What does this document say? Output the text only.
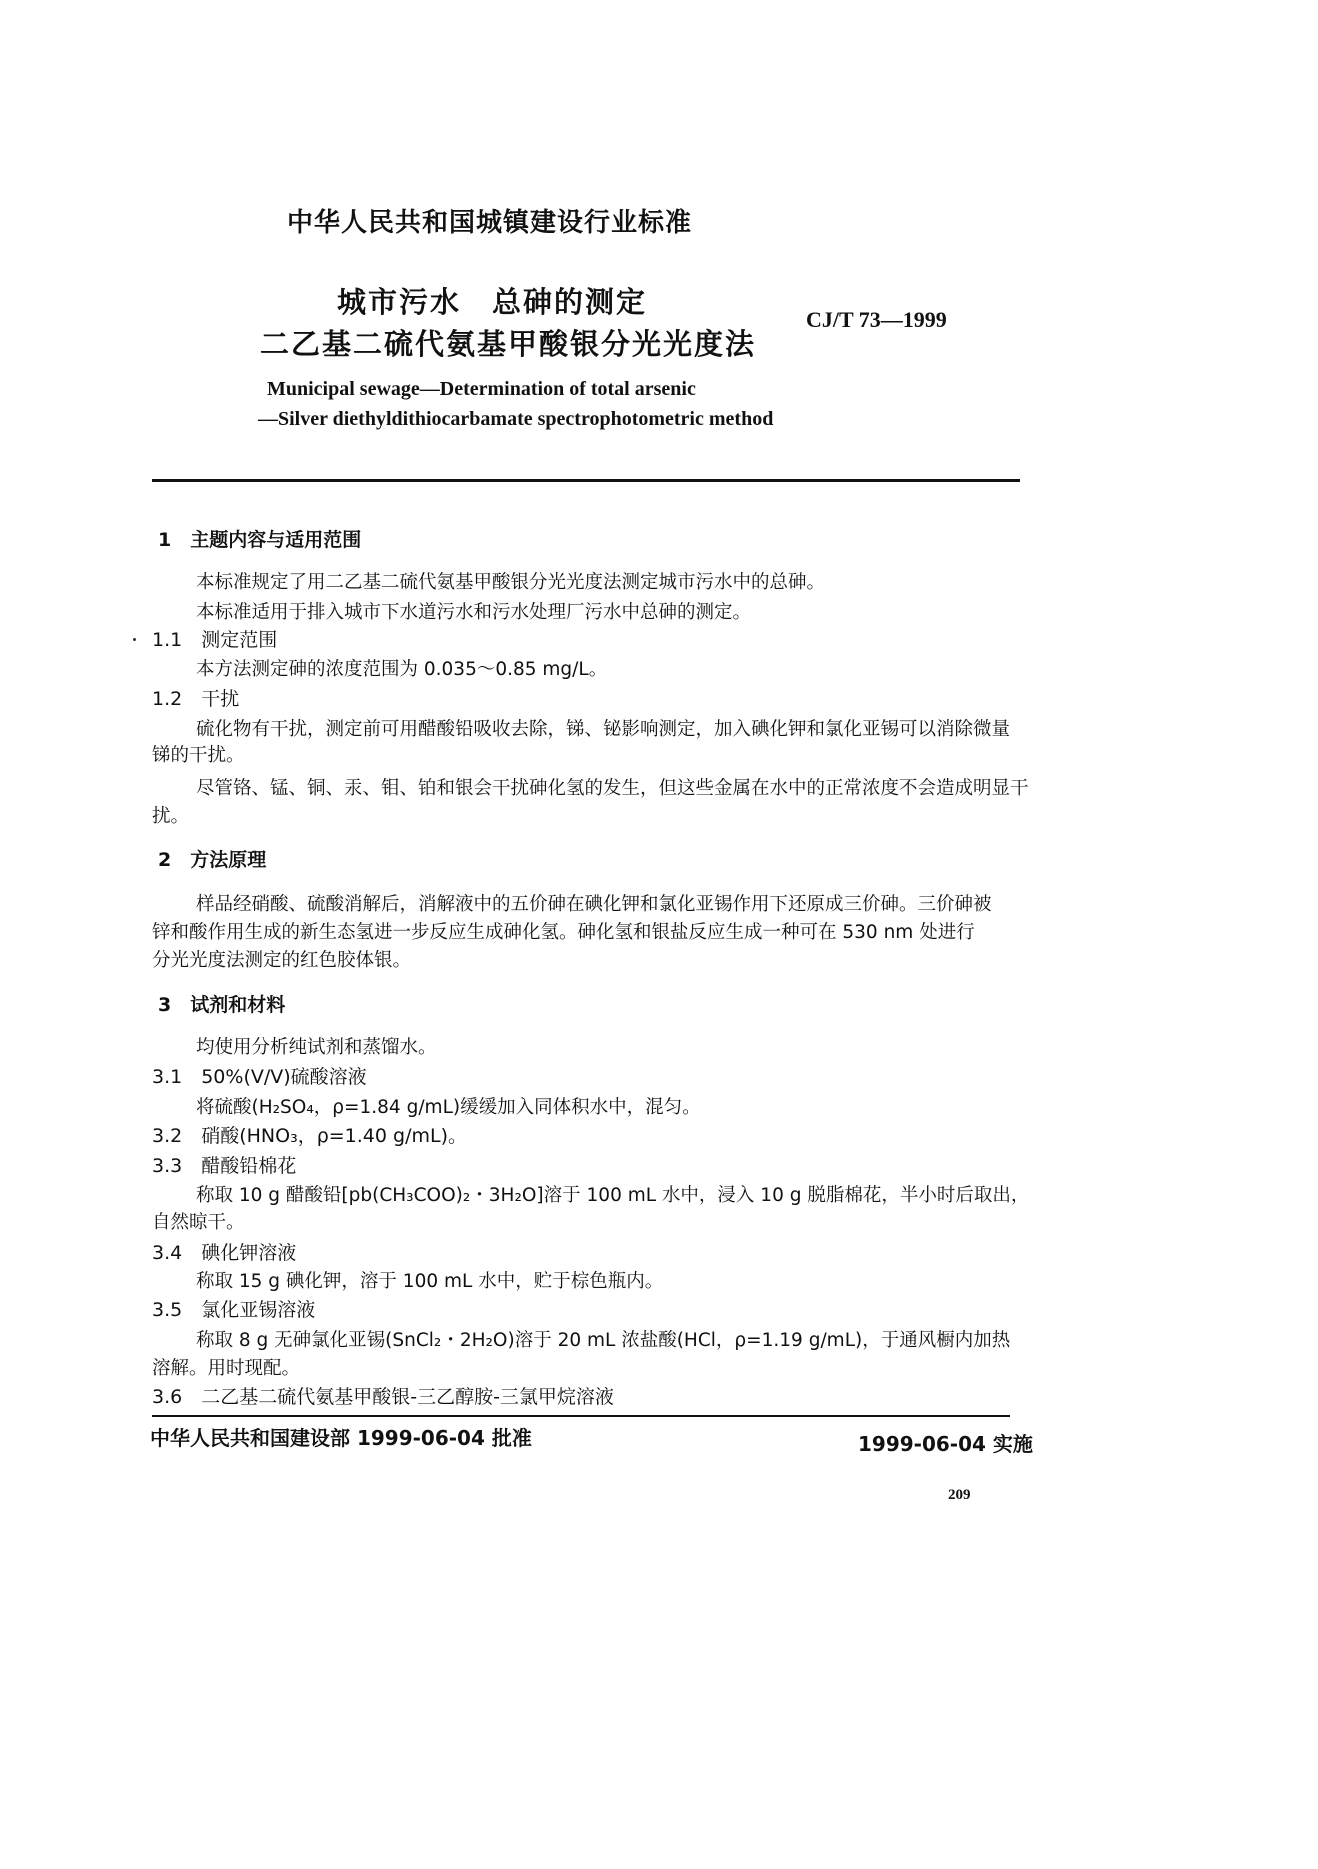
中华人民共和国城镇建设行业标准
城市污水　总砷的测定
二乙基二硫代氨基甲酸银分光光度法
CJ/T 73—1999
Municipal sewage—Determination of total arsenic
—Silver diethyldithiocarbamate spectrophotometric method
1　主题内容与适用范围
本标准规定了用二乙基二硫代氨基甲酸银分光光度法测定城市污水中的总砷。
本标准适用于排入城市下水道污水和污水处理厂污水中总砷的测定。
1.1　测定范围
本方法测定砷的浓度范围为 0.035～0.85 mg/L。
1.2　干扰
硫化物有干扰，测定前可用醋酸铅吸收去除，锑、铋影响测定，加入碘化钾和氯化亚锡可以消除微量
锑的干扰。
尽管铬、锰、铜、汞、钼、铂和银会干扰砷化氢的发生，但这些金属在水中的正常浓度不会造成明显干
扰。
2　方法原理
样品经硝酸、硫酸消解后，消解液中的五价砷在碘化钾和氯化亚锡作用下还原成三价砷。三价砷被
锌和酸作用生成的新生态氢进一步反应生成砷化氢。砷化氢和银盐反应生成一种可在 530 nm 处进行
分光光度法测定的红色胶体银。
3　试剂和材料
均使用分析纯试剂和蒸馏水。
3.1　50%(V/V)硫酸溶液
将硫酸(H₂SO₄，ρ=1.84 g/mL)缓缓加入同体积水中，混匀。
3.2　硝酸(HNO₃，ρ=1.40 g/mL)。
3.3　醋酸铅棉花
称取 10 g 醋酸铅[pb(CH₃COO)₂・3H₂O]溶于 100 mL 水中，浸入 10 g 脱脂棉花，半小时后取出，
自然晾干。
3.4　碘化钾溶液
称取 15 g 碘化钾，溶于 100 mL 水中，贮于棕色瓶内。
3.5　氯化亚锡溶液
称取 8 g 无砷氯化亚锡(SnCl₂・2H₂O)溶于 20 mL 浓盐酸(HCl，ρ=1.19 g/mL)，于通风橱内加热
溶解。用时现配。
3.6　二乙基二硫代氨基甲酸银-三乙醇胺-三氯甲烷溶液
中华人民共和国建设部 1999-06-04 批准	1999-06-04 实施
209
